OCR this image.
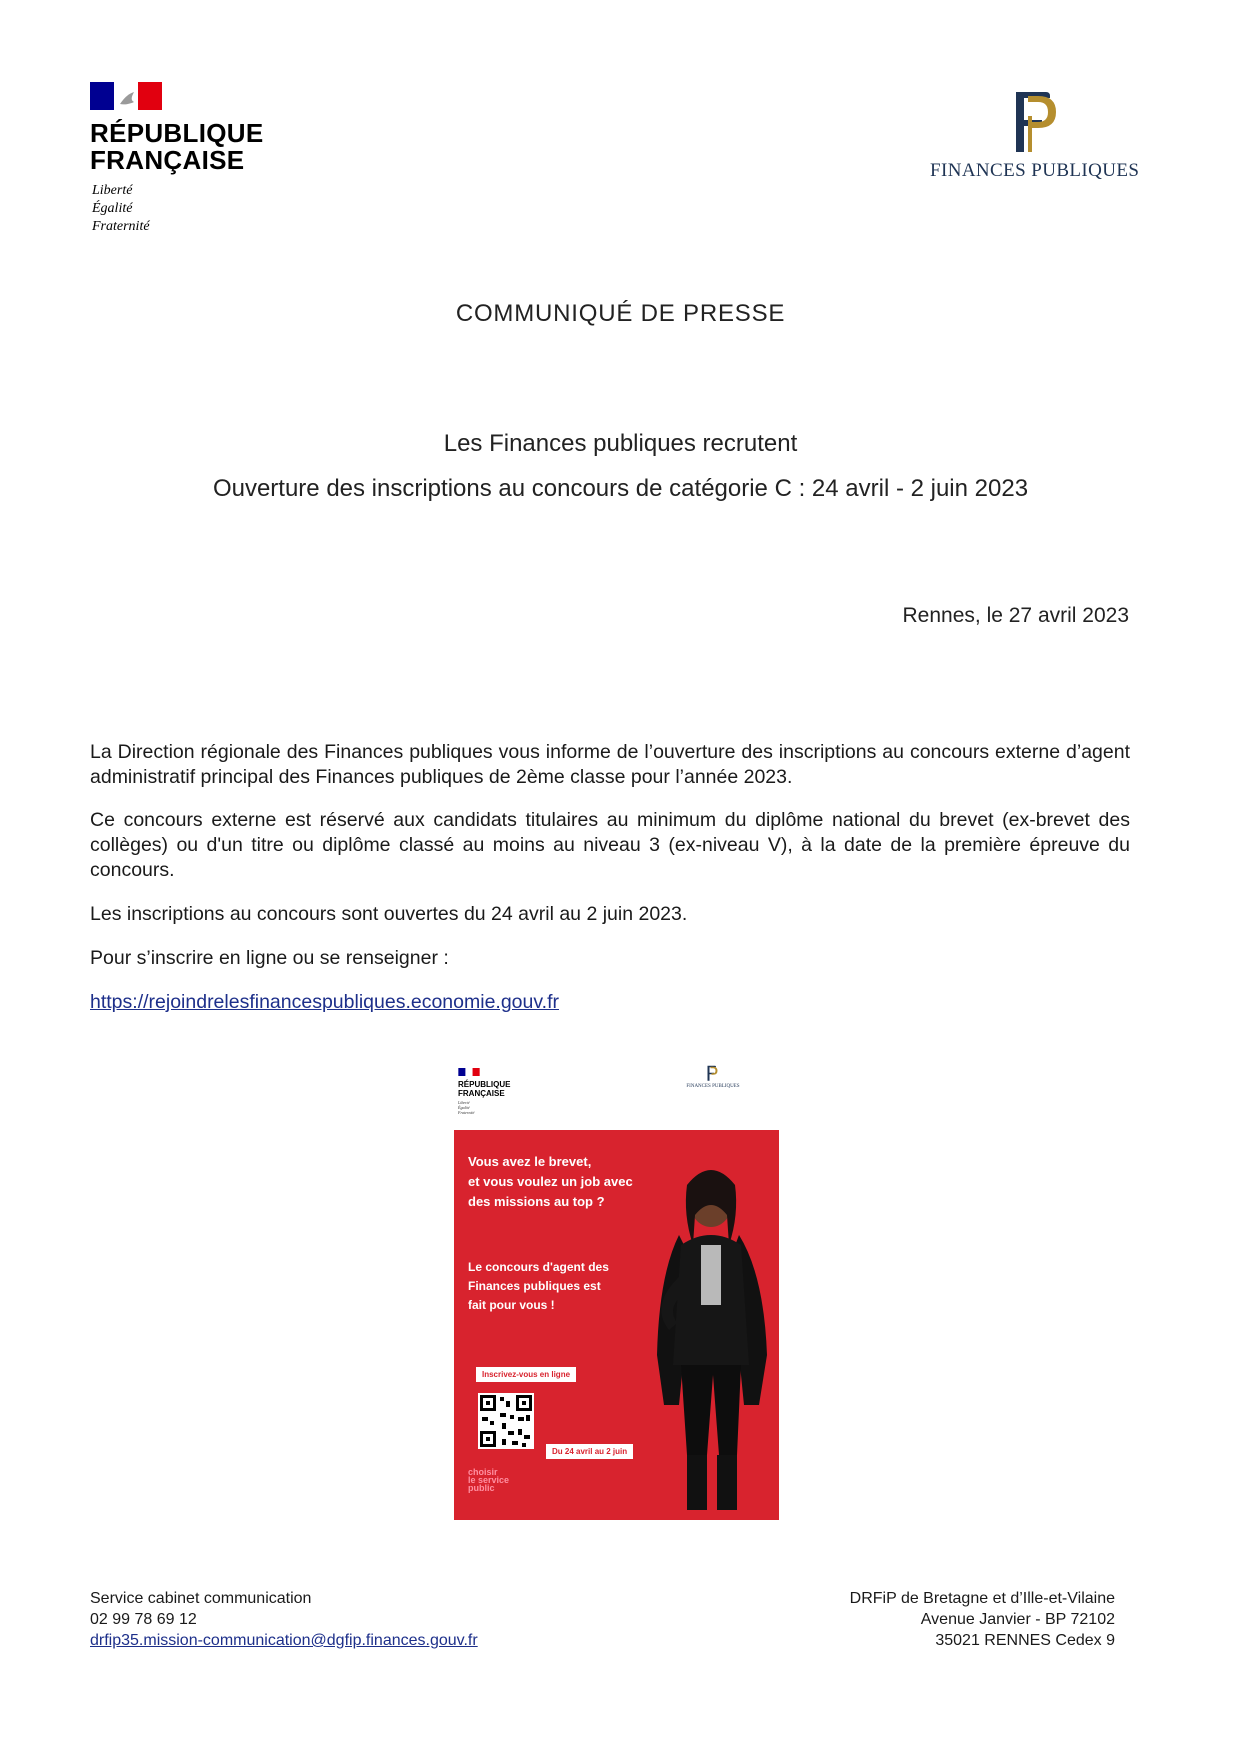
RÉPUBLIQUE
FRANÇAISE
Liberté
Égalité
Fraternité
FINANCES PUBLIQUES
COMMUNIQUÉ DE PRESSE
Les Finances publiques recrutent
Ouverture des inscriptions au concours de catégorie C : 24 avril - 2 juin 2023
Rennes, le 27 avril 2023
La Direction régionale des Finances publiques vous informe de l’ouverture des inscriptions au concours externe d’agent administratif principal des Finances publiques de 2ème classe pour l’année 2023.
Ce concours externe est réservé aux candidats titulaires au minimum du diplôme national du brevet (ex-brevet des collèges) ou d'un titre ou diplôme classé au moins au niveau 3 (ex-niveau V), à la date de la première épreuve du concours.
Les inscriptions au concours sont ouvertes du 24 avril au 2 juin 2023.
Pour s’inscrire en ligne ou se renseigner :
https://rejoindrelesfinancespubliques.economie.gouv.fr
RÉPUBLIQUE
FRANÇAISE
Liberté
Égalité
Fraternité
FINANCES PUBLIQUES
Vous avez le brevet,
et vous voulez un job avec
des missions au top ?
Le concours d'agent des
Finances publiques est
fait pour vous !
Inscrivez-vous en ligne
Du 24 avril au 2 juin
choisir
le service
public
Service cabinet communication
02 99 78 69 12
drfip35.mission-communication@dgfip.finances.gouv.fr
DRFiP de Bretagne et d’Ille-et-Vilaine
Avenue Janvier - BP 72102
35021 RENNES Cedex 9
